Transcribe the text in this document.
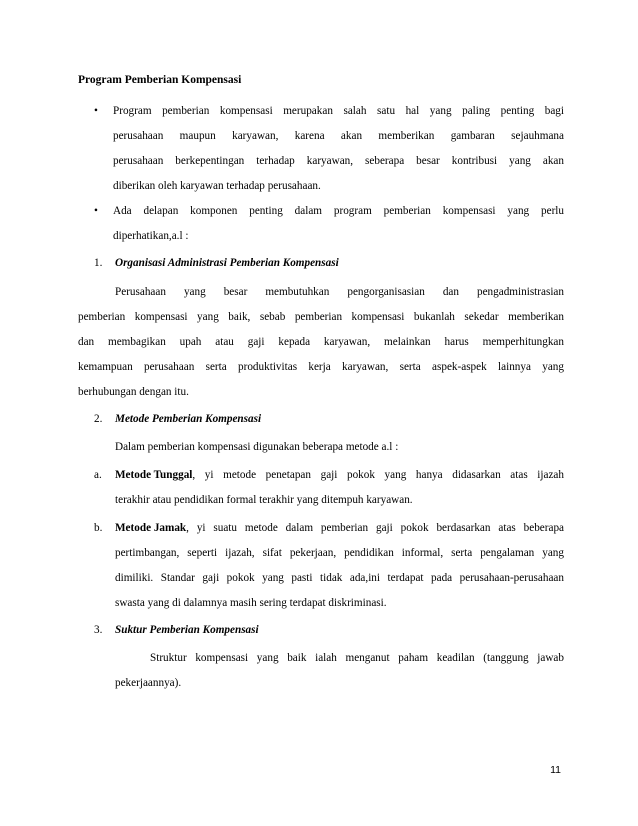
Program Pemberian Kompensasi
• Program pemberian kompensasi merupakan salah satu hal yang paling penting bagi
perusahaan maupun karyawan, karena akan memberikan gambaran sejauhmana
perusahaan berkepentingan terhadap karyawan, seberapa besar kontribusi yang akan
diberikan oleh karyawan terhadap perusahaan.
• Ada delapan komponen penting dalam program pemberian kompensasi yang perlu
diperhatikan,a.l :
1. Organisasi Administrasi Pemberian Kompensasi
Perusahaan yang besar membutuhkan pengorganisasian dan pengadministrasian
pemberian kompensasi yang baik, sebab pemberian kompensasi bukanlah sekedar memberikan
dan membagikan upah atau gaji kepada karyawan, melainkan harus memperhitungkan
kemampuan perusahaan serta produktivitas kerja karyawan, serta aspek-aspek lainnya yang
berhubungan dengan itu.
2. Metode Pemberian Kompensasi
Dalam pemberian kompensasi digunakan beberapa metode a.l :
a. Metode Tunggal , yi metode penetapan gaji pokok yang hanya didasarkan atas ijazah
terakhir atau pendidikan formal terakhir yang ditempuh karyawan.
b. Metode Jamak , yi suatu metode dalam pemberian gaji pokok berdasarkan atas beberapa
pertimbangan, seperti ijazah, sifat pekerjaan, pendidikan informal, serta pengalaman yang
dimiliki. Standar gaji pokok yang pasti tidak ada,ini terdapat pada perusahaan-perusahaan
swasta yang di dalamnya masih sering terdapat diskriminasi.
3. Suktur Pemberian Kompensasi
Struktur kompensasi yang baik ialah menganut paham keadilan (tanggung jawab
pekerjaannya).
11
